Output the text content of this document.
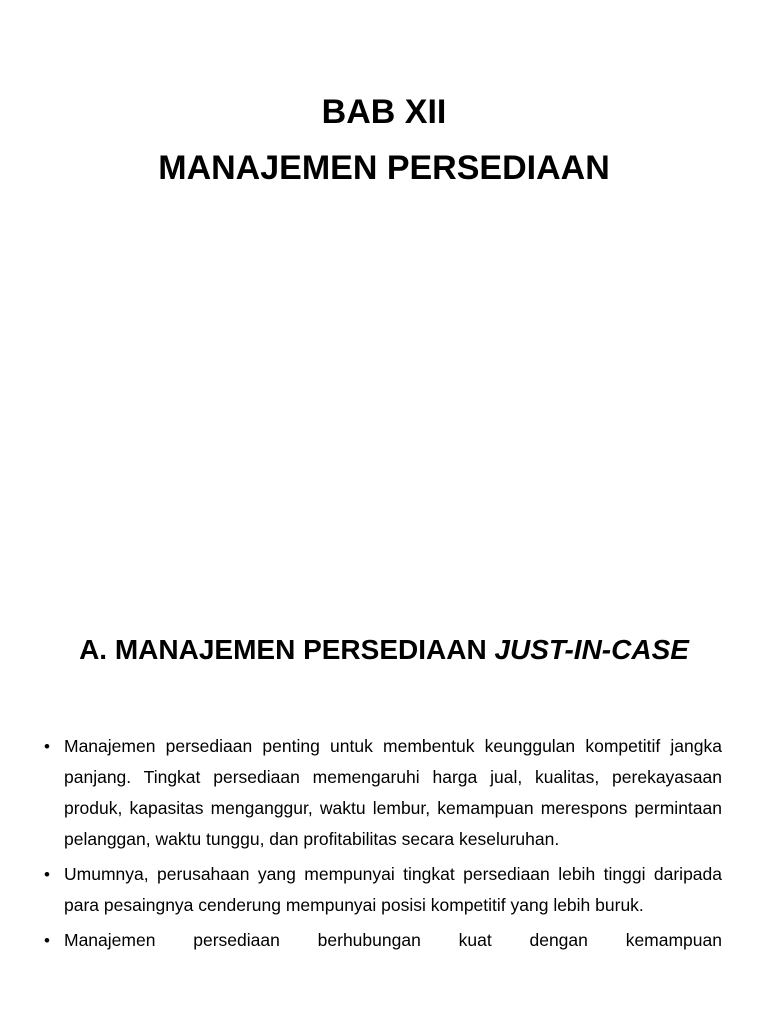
BAB XII
MANAJEMEN PERSEDIAAN
A. MANAJEMEN PERSEDIAAN JUST-IN-CASE
• Manajemen persediaan penting untuk membentuk keunggulan kompetitif jangka panjang. Tingkat persediaan memengaruhi harga jual, kualitas, perekayasaan produk, kapasitas menganggur, waktu lembur, kemampuan merespons permintaan pelanggan, waktu tunggu, dan profitabilitas secara keseluruhan.
• Umumnya, perusahaan yang mempunyai tingkat persediaan lebih tinggi daripada para pesaingnya cenderung mempunyai posisi kompetitif yang lebih buruk.
• Manajemen persediaan berhubungan kuat dengan kemampuan
